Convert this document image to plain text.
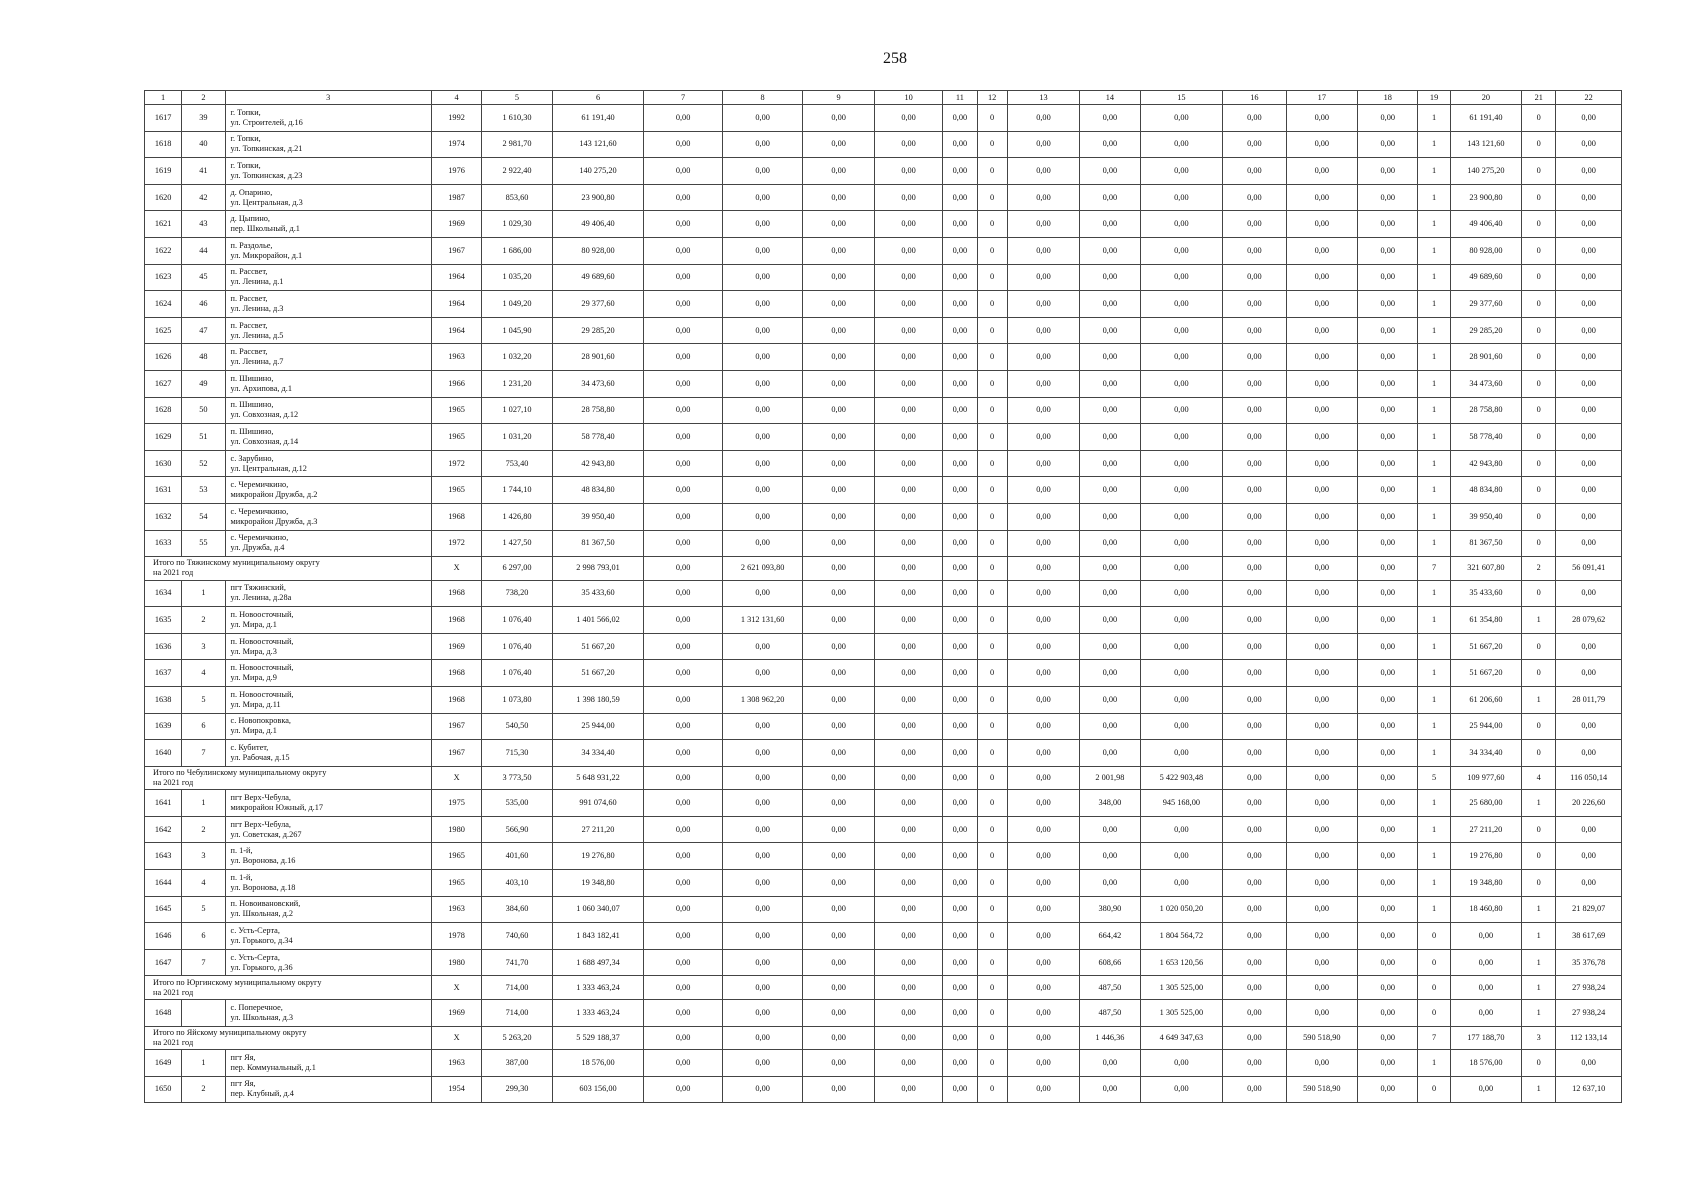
258
1	2	3	4	5	6	7	8	9	10	11	12	13	14	15	16	17	18	19	20	21	22
1617	39	г. Топки,
ул. Строителей, д.16	1992	1 610,30	61 191,40	0,00	0,00	0,00	0,00	0,00	0	0,00	0,00	0,00	0,00	0,00	0,00	1	61 191,40	0	0,00
1618	40	г. Топки,
ул. Топкинская, д.21	1974	2 981,70	143 121,60	0,00	0,00	0,00	0,00	0,00	0	0,00	0,00	0,00	0,00	0,00	0,00	1	143 121,60	0	0,00
1619	41	г. Топки,
ул. Топкинская, д.23	1976	2 922,40	140 275,20	0,00	0,00	0,00	0,00	0,00	0	0,00	0,00	0,00	0,00	0,00	0,00	1	140 275,20	0	0,00
1620	42	д. Опарино,
ул. Центральная, д.3	1987	853,60	23 900,80	0,00	0,00	0,00	0,00	0,00	0	0,00	0,00	0,00	0,00	0,00	0,00	1	23 900,80	0	0,00
1621	43	д. Цыпино,
пер. Школьный, д.1	1969	1 029,30	49 406,40	0,00	0,00	0,00	0,00	0,00	0	0,00	0,00	0,00	0,00	0,00	0,00	1	49 406,40	0	0,00
1622	44	п. Раздолье,
ул. Микрорайон, д.1	1967	1 686,00	80 928,00	0,00	0,00	0,00	0,00	0,00	0	0,00	0,00	0,00	0,00	0,00	0,00	1	80 928,00	0	0,00
1623	45	п. Рассвет,
ул. Ленина, д.1	1964	1 035,20	49 689,60	0,00	0,00	0,00	0,00	0,00	0	0,00	0,00	0,00	0,00	0,00	0,00	1	49 689,60	0	0,00
1624	46	п. Рассвет,
ул. Ленина, д.3	1964	1 049,20	29 377,60	0,00	0,00	0,00	0,00	0,00	0	0,00	0,00	0,00	0,00	0,00	0,00	1	29 377,60	0	0,00
1625	47	п. Рассвет,
ул. Ленина, д.5	1964	1 045,90	29 285,20	0,00	0,00	0,00	0,00	0,00	0	0,00	0,00	0,00	0,00	0,00	0,00	1	29 285,20	0	0,00
1626	48	п. Рассвет,
ул. Ленина, д.7	1963	1 032,20	28 901,60	0,00	0,00	0,00	0,00	0,00	0	0,00	0,00	0,00	0,00	0,00	0,00	1	28 901,60	0	0,00
1627	49	п. Шишино,
ул. Архипова, д.1	1966	1 231,20	34 473,60	0,00	0,00	0,00	0,00	0,00	0	0,00	0,00	0,00	0,00	0,00	0,00	1	34 473,60	0	0,00
1628	50	п. Шишино,
ул. Совхозная, д.12	1965	1 027,10	28 758,80	0,00	0,00	0,00	0,00	0,00	0	0,00	0,00	0,00	0,00	0,00	0,00	1	28 758,80	0	0,00
1629	51	п. Шишино,
ул. Совхозная, д.14	1965	1 031,20	58 778,40	0,00	0,00	0,00	0,00	0,00	0	0,00	0,00	0,00	0,00	0,00	0,00	1	58 778,40	0	0,00
1630	52	с. Зарубино,
ул. Центральная, д.12	1972	753,40	42 943,80	0,00	0,00	0,00	0,00	0,00	0	0,00	0,00	0,00	0,00	0,00	0,00	1	42 943,80	0	0,00
1631	53	с. Черемичкино,
микрорайон Дружба, д.2	1965	1 744,10	48 834,80	0,00	0,00	0,00	0,00	0,00	0	0,00	0,00	0,00	0,00	0,00	0,00	1	48 834,80	0	0,00
1632	54	с. Черемичкино,
микрорайон Дружба, д.3	1968	1 426,80	39 950,40	0,00	0,00	0,00	0,00	0,00	0	0,00	0,00	0,00	0,00	0,00	0,00	1	39 950,40	0	0,00
1633	55	с. Черемичкино,
ул. Дружба, д.4	1972	1 427,50	81 367,50	0,00	0,00	0,00	0,00	0,00	0	0,00	0,00	0,00	0,00	0,00	0,00	1	81 367,50	0	0,00
Итого по Тяжинскому муниципальному округу
на 2021 год			X	6 297,00	2 998 793,01	0,00	2 621 093,80	0,00	0,00	0,00	0	0,00	0,00	0,00	0,00	0,00	0,00	7	321 607,80	2	56 091,41
1634	1	пгт Тяжинский,
ул. Ленина, д.28а	1968	738,20	35 433,60	0,00	0,00	0,00	0,00	0,00	0	0,00	0,00	0,00	0,00	0,00	0,00	1	35 433,60	0	0,00
1635	2	п. Новоосточный,
ул. Мира, д.1	1968	1 076,40	1 401 566,02	0,00	1 312 131,60	0,00	0,00	0,00	0	0,00	0,00	0,00	0,00	0,00	0,00	1	61 354,80	1	28 079,62
1636	3	п. Новоосточный,
ул. Мира, д.3	1969	1 076,40	51 667,20	0,00	0,00	0,00	0,00	0,00	0	0,00	0,00	0,00	0,00	0,00	0,00	1	51 667,20	0	0,00
1637	4	п. Новоосточный,
ул. Мира, д.9	1968	1 076,40	51 667,20	0,00	0,00	0,00	0,00	0,00	0	0,00	0,00	0,00	0,00	0,00	0,00	1	51 667,20	0	0,00
1638	5	п. Новоосточный,
ул. Мира, д.11	1968	1 073,80	1 398 180,59	0,00	1 308 962,20	0,00	0,00	0,00	0	0,00	0,00	0,00	0,00	0,00	0,00	1	61 206,60	1	28 011,79
1639	6	с. Новопокровка,
ул. Мира, д.1	1967	540,50	25 944,00	0,00	0,00	0,00	0,00	0,00	0	0,00	0,00	0,00	0,00	0,00	0,00	1	25 944,00	0	0,00
1640	7	с. Кубитет,
ул. Рабочая, д.15	1967	715,30	34 334,40	0,00	0,00	0,00	0,00	0,00	0	0,00	0,00	0,00	0,00	0,00	0,00	1	34 334,40	0	0,00
Итого по Чебулинскому муниципальному округу
на 2021 год			X	3 773,50	5 648 931,22	0,00	0,00	0,00	0,00	0,00	0	0,00	2 001,98	5 422 903,48	0,00	0,00	0,00	5	109 977,60	4	116 050,14
1641	1	пгт Верх-Чебула,
микрорайон Южный, д.17	1975	535,00	991 074,60	0,00	0,00	0,00	0,00	0,00	0	0,00	348,00	945 168,00	0,00	0,00	0,00	1	25 680,00	1	20 226,60
1642	2	пгт Верх-Чебула,
ул. Советская, д.267	1980	566,90	27 211,20	0,00	0,00	0,00	0,00	0,00	0	0,00	0,00	0,00	0,00	0,00	0,00	1	27 211,20	0	0,00
1643	3	п. 1-й,
ул. Воронова, д.16	1965	401,60	19 276,80	0,00	0,00	0,00	0,00	0,00	0	0,00	0,00	0,00	0,00	0,00	0,00	1	19 276,80	0	0,00
1644	4	п. 1-й,
ул. Воронова, д.18	1965	403,10	19 348,80	0,00	0,00	0,00	0,00	0,00	0	0,00	0,00	0,00	0,00	0,00	0,00	1	19 348,80	0	0,00
1645	5	п. Новоивановский,
ул. Школьная, д.2	1963	384,60	1 060 340,07	0,00	0,00	0,00	0,00	0,00	0	0,00	380,90	1 020 050,20	0,00	0,00	0,00	1	18 460,80	1	21 829,07
1646	6	с. Усть-Серта,
ул. Горького, д.34	1978	740,60	1 843 182,41	0,00	0,00	0,00	0,00	0,00	0	0,00	664,42	1 804 564,72	0,00	0,00	0,00	0	0,00	1	38 617,69
1647	7	с. Усть-Серта,
ул. Горького, д.36	1980	741,70	1 688 497,34	0,00	0,00	0,00	0,00	0,00	0	0,00	608,66	1 653 120,56	0,00	0,00	0,00	0	0,00	1	35 376,78
Итого по Юргинскому муниципальному округу
на 2021 год			X	714,00	1 333 463,24	0,00	0,00	0,00	0,00	0,00	0	0,00	487,50	1 305 525,00	0,00	0,00	0,00	0	0,00	1	27 938,24
1648		с. Поперечное,
ул. Школьная, д.3	1969	714,00	1 333 463,24	0,00	0,00	0,00	0,00	0,00	0	0,00	487,50	1 305 525,00	0,00	0,00	0,00	0	0,00	1	27 938,24
Итого по Яйскому муниципальному округу
на 2021 год			X	5 263,20	5 529 188,37	0,00	0,00	0,00	0,00	0,00	0	0,00	1 446,36	4 649 347,63	0,00	590 518,90	0,00	7	177 188,70	3	112 133,14
1649	1	пгт Яя,
пер. Коммунальный, д.1	1963	387,00	18 576,00	0,00	0,00	0,00	0,00	0,00	0	0,00	0,00	0,00	0,00	0,00	0,00	1	18 576,00	0	0,00
1650	2	пгт Яя,
пер. Клубный, д.4	1954	299,30	603 156,00	0,00	0,00	0,00	0,00	0,00	0	0,00	0,00	0,00	0,00	590 518,90	0,00	0	0,00	1	12 637,10
